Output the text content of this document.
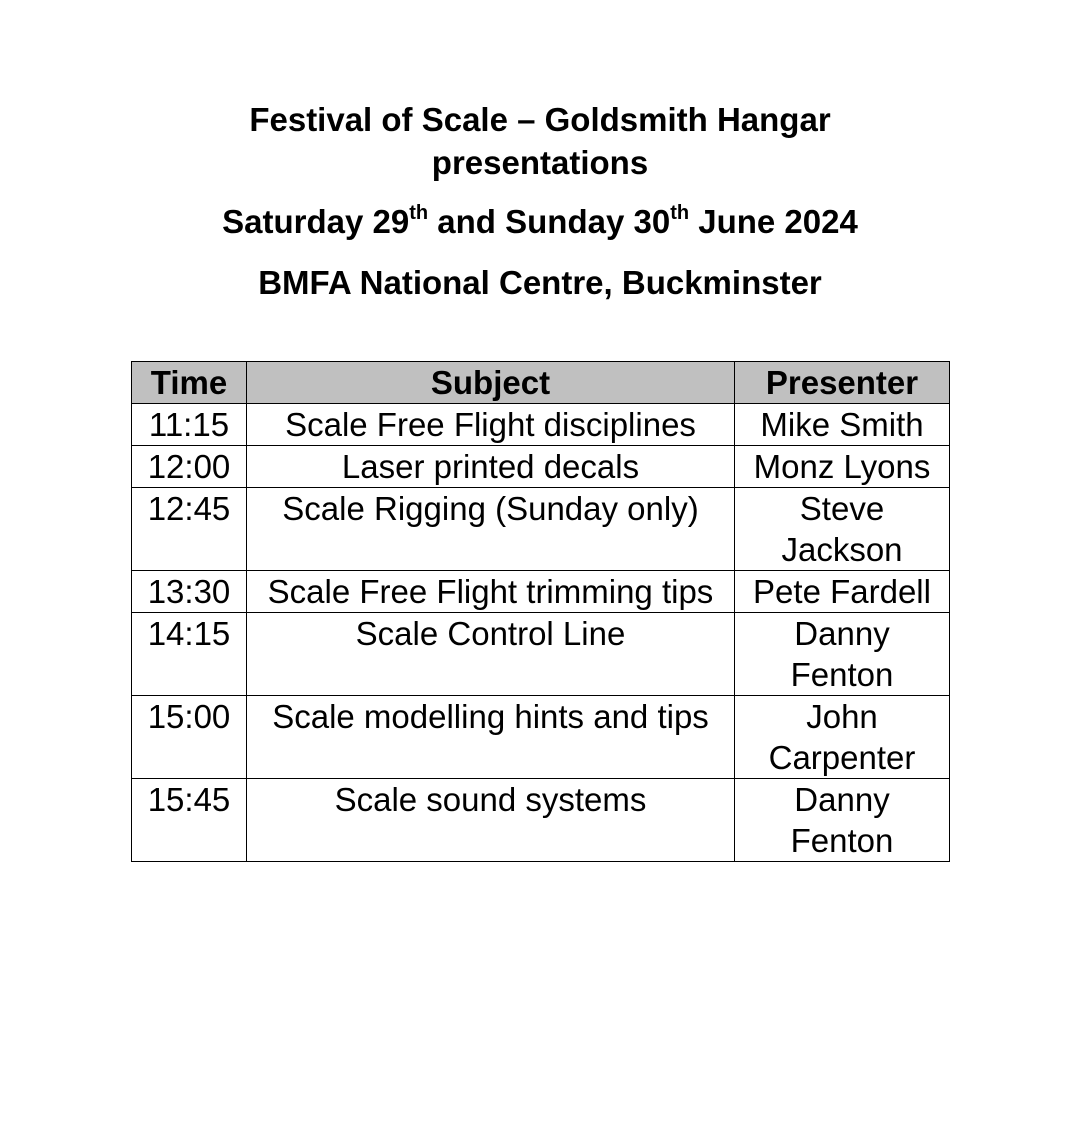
Festival of Scale – Goldsmith Hangar
presentations
Saturday 29th and Sunday 30th June 2024
BMFA National Centre, Buckminster
Time	Subject	Presenter
11:15	Scale Free Flight disciplines	Mike Smith
12:00	Laser printed decals	Monz Lyons
12:45	Scale Rigging (Sunday only)	Steve Jackson
13:30	Scale Free Flight trimming tips	Pete Fardell
14:15	Scale Control Line	Danny Fenton
15:00	Scale modelling hints and tips	John Carpenter
15:45	Scale sound systems	Danny Fenton
